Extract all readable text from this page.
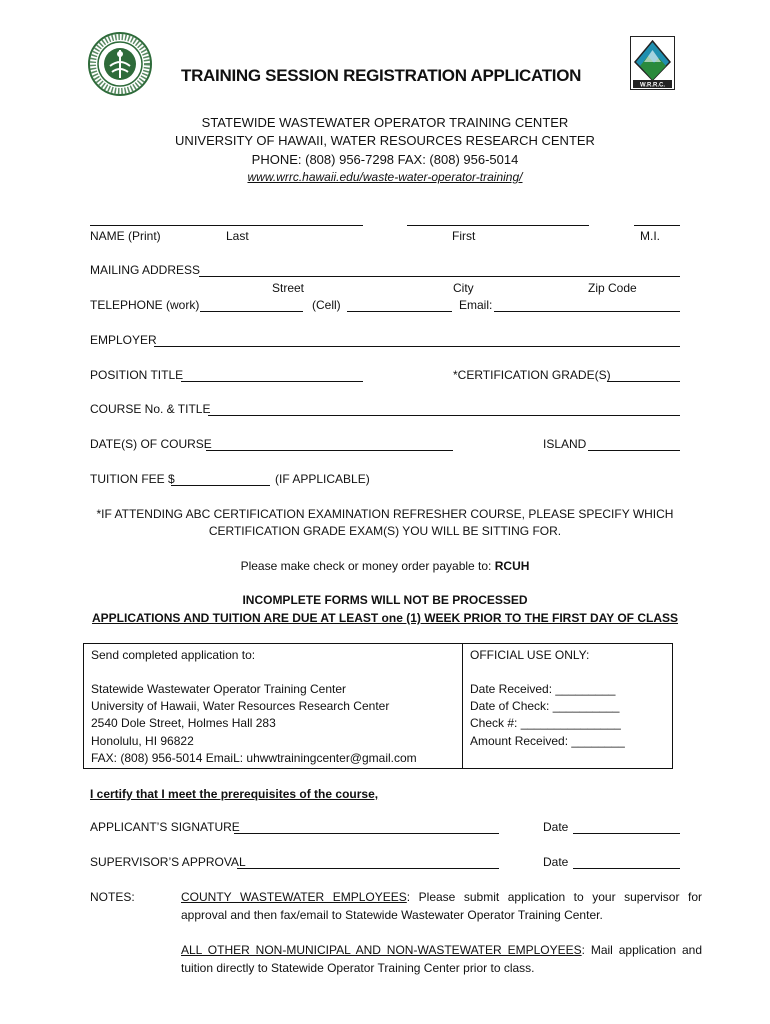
W.R.R.C.
TRAINING SESSION REGISTRATION APPLICATION
STATEWIDE WASTEWATER OPERATOR TRAINING CENTER
UNIVERSITY OF HAWAII, WATER RESOURCES RESEARCH CENTER
PHONE: (808) 956-7298 FAX: (808) 956-5014
www.wrrc.hawaii.edu/waste-water-operator-training/
NAME (Print)	Last	First	M.I.
MAILING ADDRESS
Street	City	Zip Code
TELEPHONE (work)	(Cell)	Email:
EMPLOYER
POSITION TITLE	*CERTIFICATION GRADE(S)
COURSE No. & TITLE
DATE(S) OF COURSE	ISLAND
TUITION FEE $	(IF APPLICABLE)
*IF ATTENDING ABC CERTIFICATION EXAMINATION REFRESHER COURSE, PLEASE SPECIFY WHICH
CERTIFICATION GRADE EXAM(S) YOU WILL BE SITTING FOR.
Please make check or money order payable to: RCUH
INCOMPLETE FORMS WILL NOT BE PROCESSED
APPLICATIONS AND TUITION ARE DUE AT LEAST one (1) WEEK PRIOR TO THE FIRST DAY OF CLASS
Send completed application to:
Statewide Wastewater Operator Training Center
University of Hawaii, Water Resources Research Center
2540 Dole Street, Holmes Hall 283
Honolulu, HI 96822
FAX: (808) 956-5014 EmaiL: uhwwtrainingcenter@gmail.com
OFFICIAL USE ONLY:
Date Received: _________
Date of Check: __________
Check #: _______________
Amount Received: ________
I certify that I meet the prerequisites of the course,
APPLICANT’S SIGNATURE	Date
SUPERVISOR’S APPROVAL	Date
NOTES:	COUNTY WASTEWATER EMPLOYEES: Please submit application to your supervisor for approval and then fax/email to Statewide Wastewater Operator Training Center.
ALL OTHER NON-MUNICIPAL AND NON-WASTEWATER EMPLOYEES: Mail application and tuition directly to Statewide Operator Training Center prior to class.
